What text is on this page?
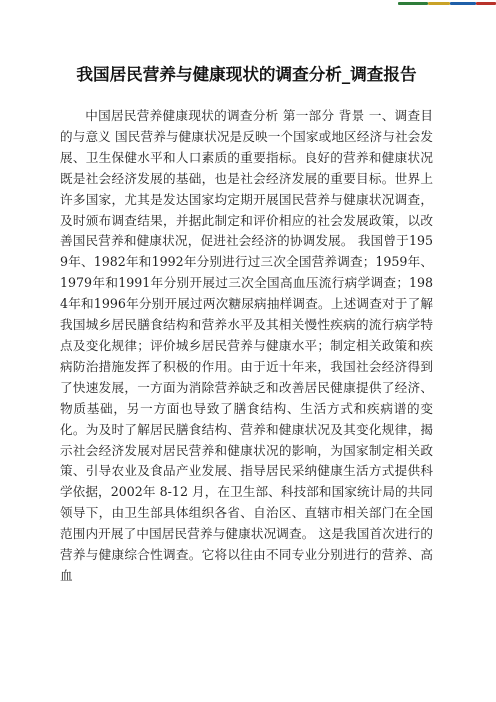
我国居民营养与健康现状的调查分析_调查报告

中国居民营养健康现状的调查分析 第一部分 背景 一、调查目的与意义 国民营养与健康状况是反映一个国家或地区经济与社会发展、卫生保健水平和人口素质的重要指标。良好的营养和健康状况既是社会经济发展的基础，也是社会经济发展的重要目标。世界上许多国家，尤其是发达国家均定期开展国民营养与健康状况调查，及时颁布调查结果，并据此制定和评价相应的社会发展政策，以改善国民营养和健康状况，促进社会经济的协调发展。 我国曾于1959年、1982年和1992年分别进行过三次全国营养调查；1959年、1979年和1991年分别开展过三次全国高血压流行病学调查；1984年和1996年分别开展过两次糖尿病抽样调查。上述调查对于了解我国城乡居民膳食结构和营养水平及其相关慢性疾病的流行病学特点及变化规律；评价城乡居民营养与健康水平；制定相关政策和疾病防治措施发挥了积极的作用。由于近十年来，我国社会经济得到了快速发展，一方面为消除营养缺乏和改善居民健康提供了经济、物质基础，另一方面也导致了膳食结构、生活方式和疾病谱的变化。为及时了解居民膳食结构、营养和健康状况及其变化规律，揭示社会经济发展对居民营养和健康状况的影响，为国家制定相关政策、引导农业及食品产业发展、指导居民采纳健康生活方式提供科学依据，2002年 8-12 月，在卫生部、科技部和国家统计局的共同领导下，由卫生部具体组织各省、自治区、直辖市相关部门在全国范围内开展了中国居民营养与健康状况调查。 这是我国首次进行的营养与健康综合性调查。它将以往由不同专业分别进行的营养、高血
